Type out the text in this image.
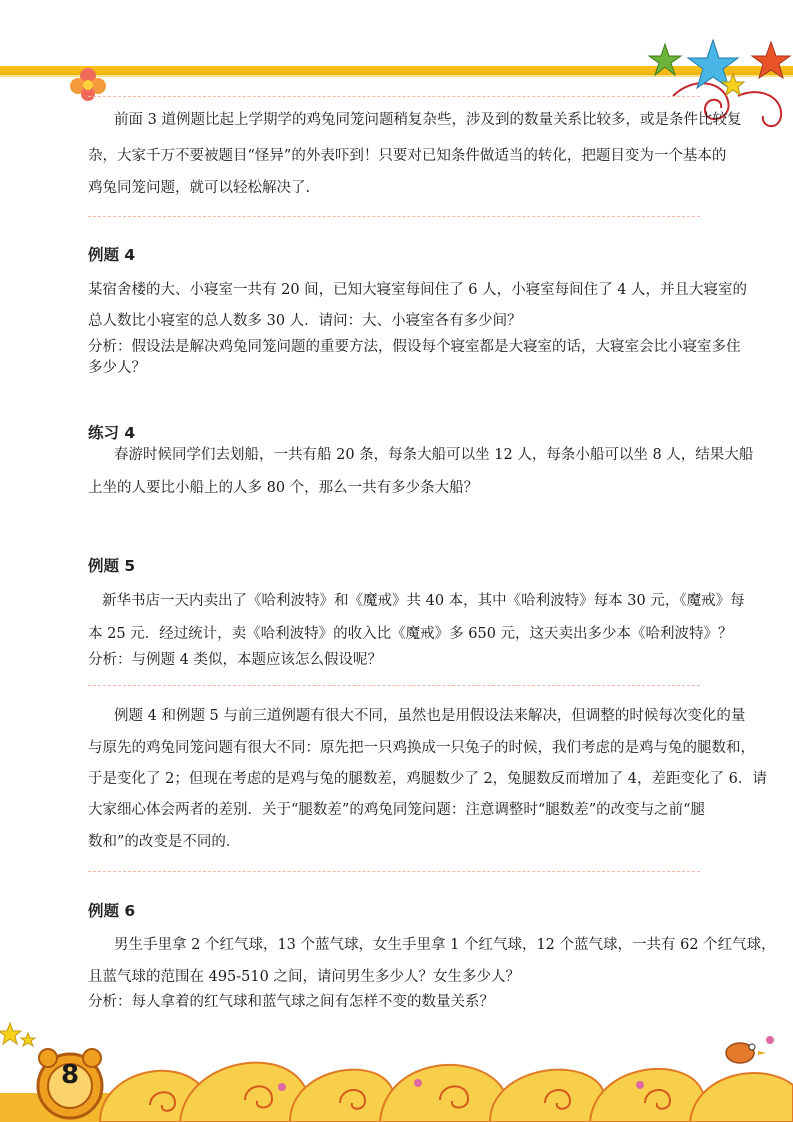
前面 3 道例题比起上学期学的鸡兔同笼问题稍复杂些，涉及到的数量关系比较多，或是条件比较复
杂，大家千万不要被题目“怪异”的外表吓到！只要对已知条件做适当的转化，把题目变为一个基本的
鸡兔同笼问题，就可以轻松解决了.
例题 4
某宿舍楼的大、小寝室一共有 20 间，已知大寝室每间住了 6 人，小寝室每间住了 4 人，并且大寝室的
总人数比小寝室的总人数多 30 人．请问：大、小寝室各有多少间？
分析：假设法是解决鸡兔同笼问题的重要方法，假设每个寝室都是大寝室的话，大寝室会比小寝室多住
多少人？
练习 4
春游时候同学们去划船，一共有船 20 条，每条大船可以坐 12 人，每条小船可以坐 8 人，结果大船
上坐的人要比小船上的人多 80 个，那么一共有多少条大船？
例题 5
新华书店一天内卖出了《哈利波特》和《魔戒》共 40 本，其中《哈利波特》每本 30 元，《魔戒》每
本 25 元．经过统计，卖《哈利波特》的收入比《魔戒》多 650 元，这天卖出多少本《哈利波特》？
分析：与例题 4 类似，本题应该怎么假设呢？
例题 4 和例题 5 与前三道例题有很大不同，虽然也是用假设法来解决，但调整的时候每次变化的量
与原先的鸡兔同笼问题有很大不同：原先把一只鸡换成一只兔子的时候，我们考虑的是鸡与兔的腿数和，
于是变化了 2；但现在考虑的是鸡与兔的腿数差，鸡腿数少了 2，兔腿数反而增加了 4，差距变化了 6．请
大家细心体会两者的差别．关于“腿数差”的鸡兔同笼问题：注意调整时“腿数差”的改变与之前“腿
数和”的改变是不同的．
例题 6
男生手里拿 2 个红气球，13 个蓝气球，女生手里拿 1 个红气球，12 个蓝气球，一共有 62 个红气球，
且蓝气球的范围在 495-510 之间，请问男生多少人？女生多少人？
分析：每人拿着的红气球和蓝气球之间有怎样不变的数量关系？
8
